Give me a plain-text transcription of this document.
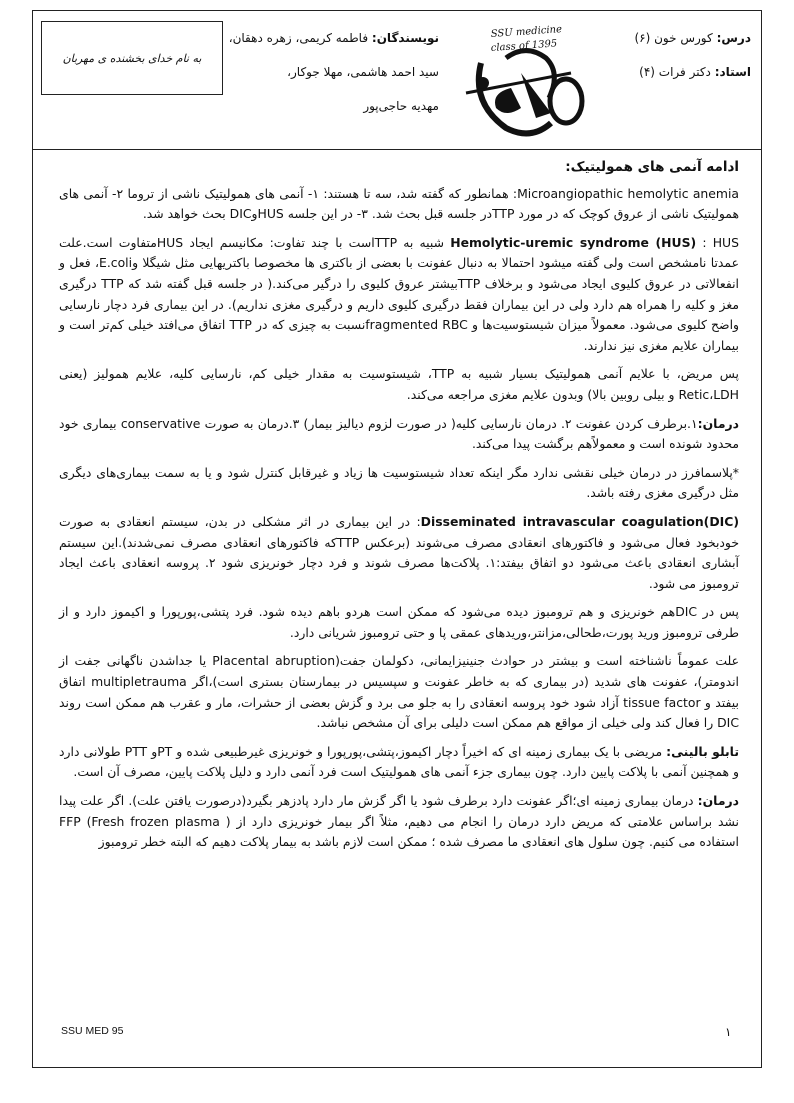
به نام خدای بخشنده ی مهربان
SSU medicine
class of 1395
نویسندگان: فاطمه کریمی، زهره دهقان،
سید احمد هاشمی، مهلا جوکار،
مهدیه حاجی‌پور
درس: کورس خون (۶)
استاد: دکتر فرات (۴)
ادامه آنمی های همولیتیک:

Microangiopathic hemolytic anemia: همانطور که گفته شد، سه تا هستند: ۱- آنمی های همولیتیک ناشی از تروما ۲- آنمی های همولیتیک ناشی از عروق کوچک که در مورد TTPدر جلسه قبل بحث شد. ۳- در این جلسه HUSوDIC بحث خواهد شد.

Hemolytic-uremic syndrome (HUS) : HUS شبیه به TTPاست با چند تفاوت: مکانیسم ایجاد HUSمتفاوت است.علت عمدتا نامشخص است ولی گفته میشود احتمالا به دنبال عفونت با بعضی از باکتری ها مخصوصا باکتریهایی مثل شیگلا وE.coli، فعل و انفعالاتی در عروق کلیوی ایجاد می‌شود و برخلاف TTPبیشتر عروق کلیوی را درگیر می‌کند.( در جلسه قبل گفته شد که TTP درگیری مغز و کلیه را همراه هم دارد ولی در این بیماران فقط درگیری کلیوی داریم و درگیری مغزی نداریم). در این بیماری فرد دچار نارسایی واضح کلیوی می‌شود. معمولاً میزان شیستوسیت‌ها و fragmented RBCنسبت به چیزی که در TTP اتفاق می‌افتد خیلی کم‌تر است و بیماران علایم مغزی نیز ندارند.

پس مریض، با علایم آنمی همولیتیک بسیار شبیه به TTP، شیستوسیت به مقدار خیلی کم، نارسایی کلیه، علایم همولیز (یعنی Retic،LDH و بیلی روبین بالا) وبدون علایم مغزی مراجعه می‌کند.

درمان:۱.برطرف کردن عفونت ۲. درمان نارسایی کلیه( در صورت لزوم دیالیز بیمار) ۳.درمان به صورت conservative بیماری خود محدود شونده است و معمولاًهم برگشت پیدا می‌کند.

*پلاسمافرز در درمان خیلی نقشی ندارد مگر اینکه تعداد شیستوسیت ها زیاد و غیرقابل کنترل شود و یا به سمت بیماری‌های دیگری مثل درگیری مغزی رفته باشد.

Disseminated intravascular coagulation(DIC): در این بیماری در اثر مشکلی در بدن، سیستم انعقادی به صورت خودبخود فعال می‌شود و فاکتورهای انعقادی مصرف می‌شوند (برعکس TTPکه فاکتورهای انعقادی مصرف نمی‌شدند).این سیستم آبشاری انعقادی باعث می‌شود دو اتفاق بیفتد:۱. پلاکت‌ها مصرف شوند و فرد دچار خونریزی شود ۲. پروسه انعقادی باعث ایجاد ترومبوز می شود.

پس در DICهم خونریزی و هم ترومبوز دیده می‌شود که ممکن است هردو باهم دیده شود. فرد پتشی،پورپورا و اکیموز دارد و از طرفی ترومبوز ورید پورت،طحالی،مزانتر،وریدهای عمقی پا و حتی ترومبوز شریانی دارد.

علت عموماً ناشناخته است و بیشتر در حوادث جنینیزایمانی، دکولمان جفت(Placental abruption یا جداشدن ناگهانی جفت از اندومتر)، عفونت های شدید (در بیماری که به خاطر عفونت و سپسیس در بیمارستان بستری است)،اگر multipletrauma اتفاق بیفتد و tissue factor آزاد شود خود پروسه انعقادی را به جلو می برد و گزش بعضی از حشرات، مار و عقرب هم ممکن است روند DIC را فعال کند ولی خیلی از مواقع هم ممکن است دلیلی برای آن مشخص نباشد.

تابلو بالینی: مریضی با یک بیماری زمینه ای که اخیراً دچار اکیموز،پتشی،پورپورا و خونریزی غیرطبیعی شده و PTو PTT طولانی دارد و همچنین آنمی با پلاکت پایین دارد. چون بیماری جزء آنمی های همولیتیک است فرد آنمی دارد و دلیل پلاکت پایین، مصرف آن است.

درمان: درمان بیماری زمینه ای؛اگر عفونت دارد برطرف شود یا اگر گزش مار دارد پادزهر بگیرد(درصورت یافتن علت). اگر علت پیدا نشد براساس علامتی که مریض دارد درمان را انجام می دهیم، مثلاً اگر بیمار خونریزی دارد از FFP (Fresh frozen plasma ) استفاده می کنیم. چون سلول های انعقادی ما مصرف شده ؛ ممکن است لازم باشد به بیمار پلاکت دهیم که البته خطر ترومبوز

SSU MED 95	۱
